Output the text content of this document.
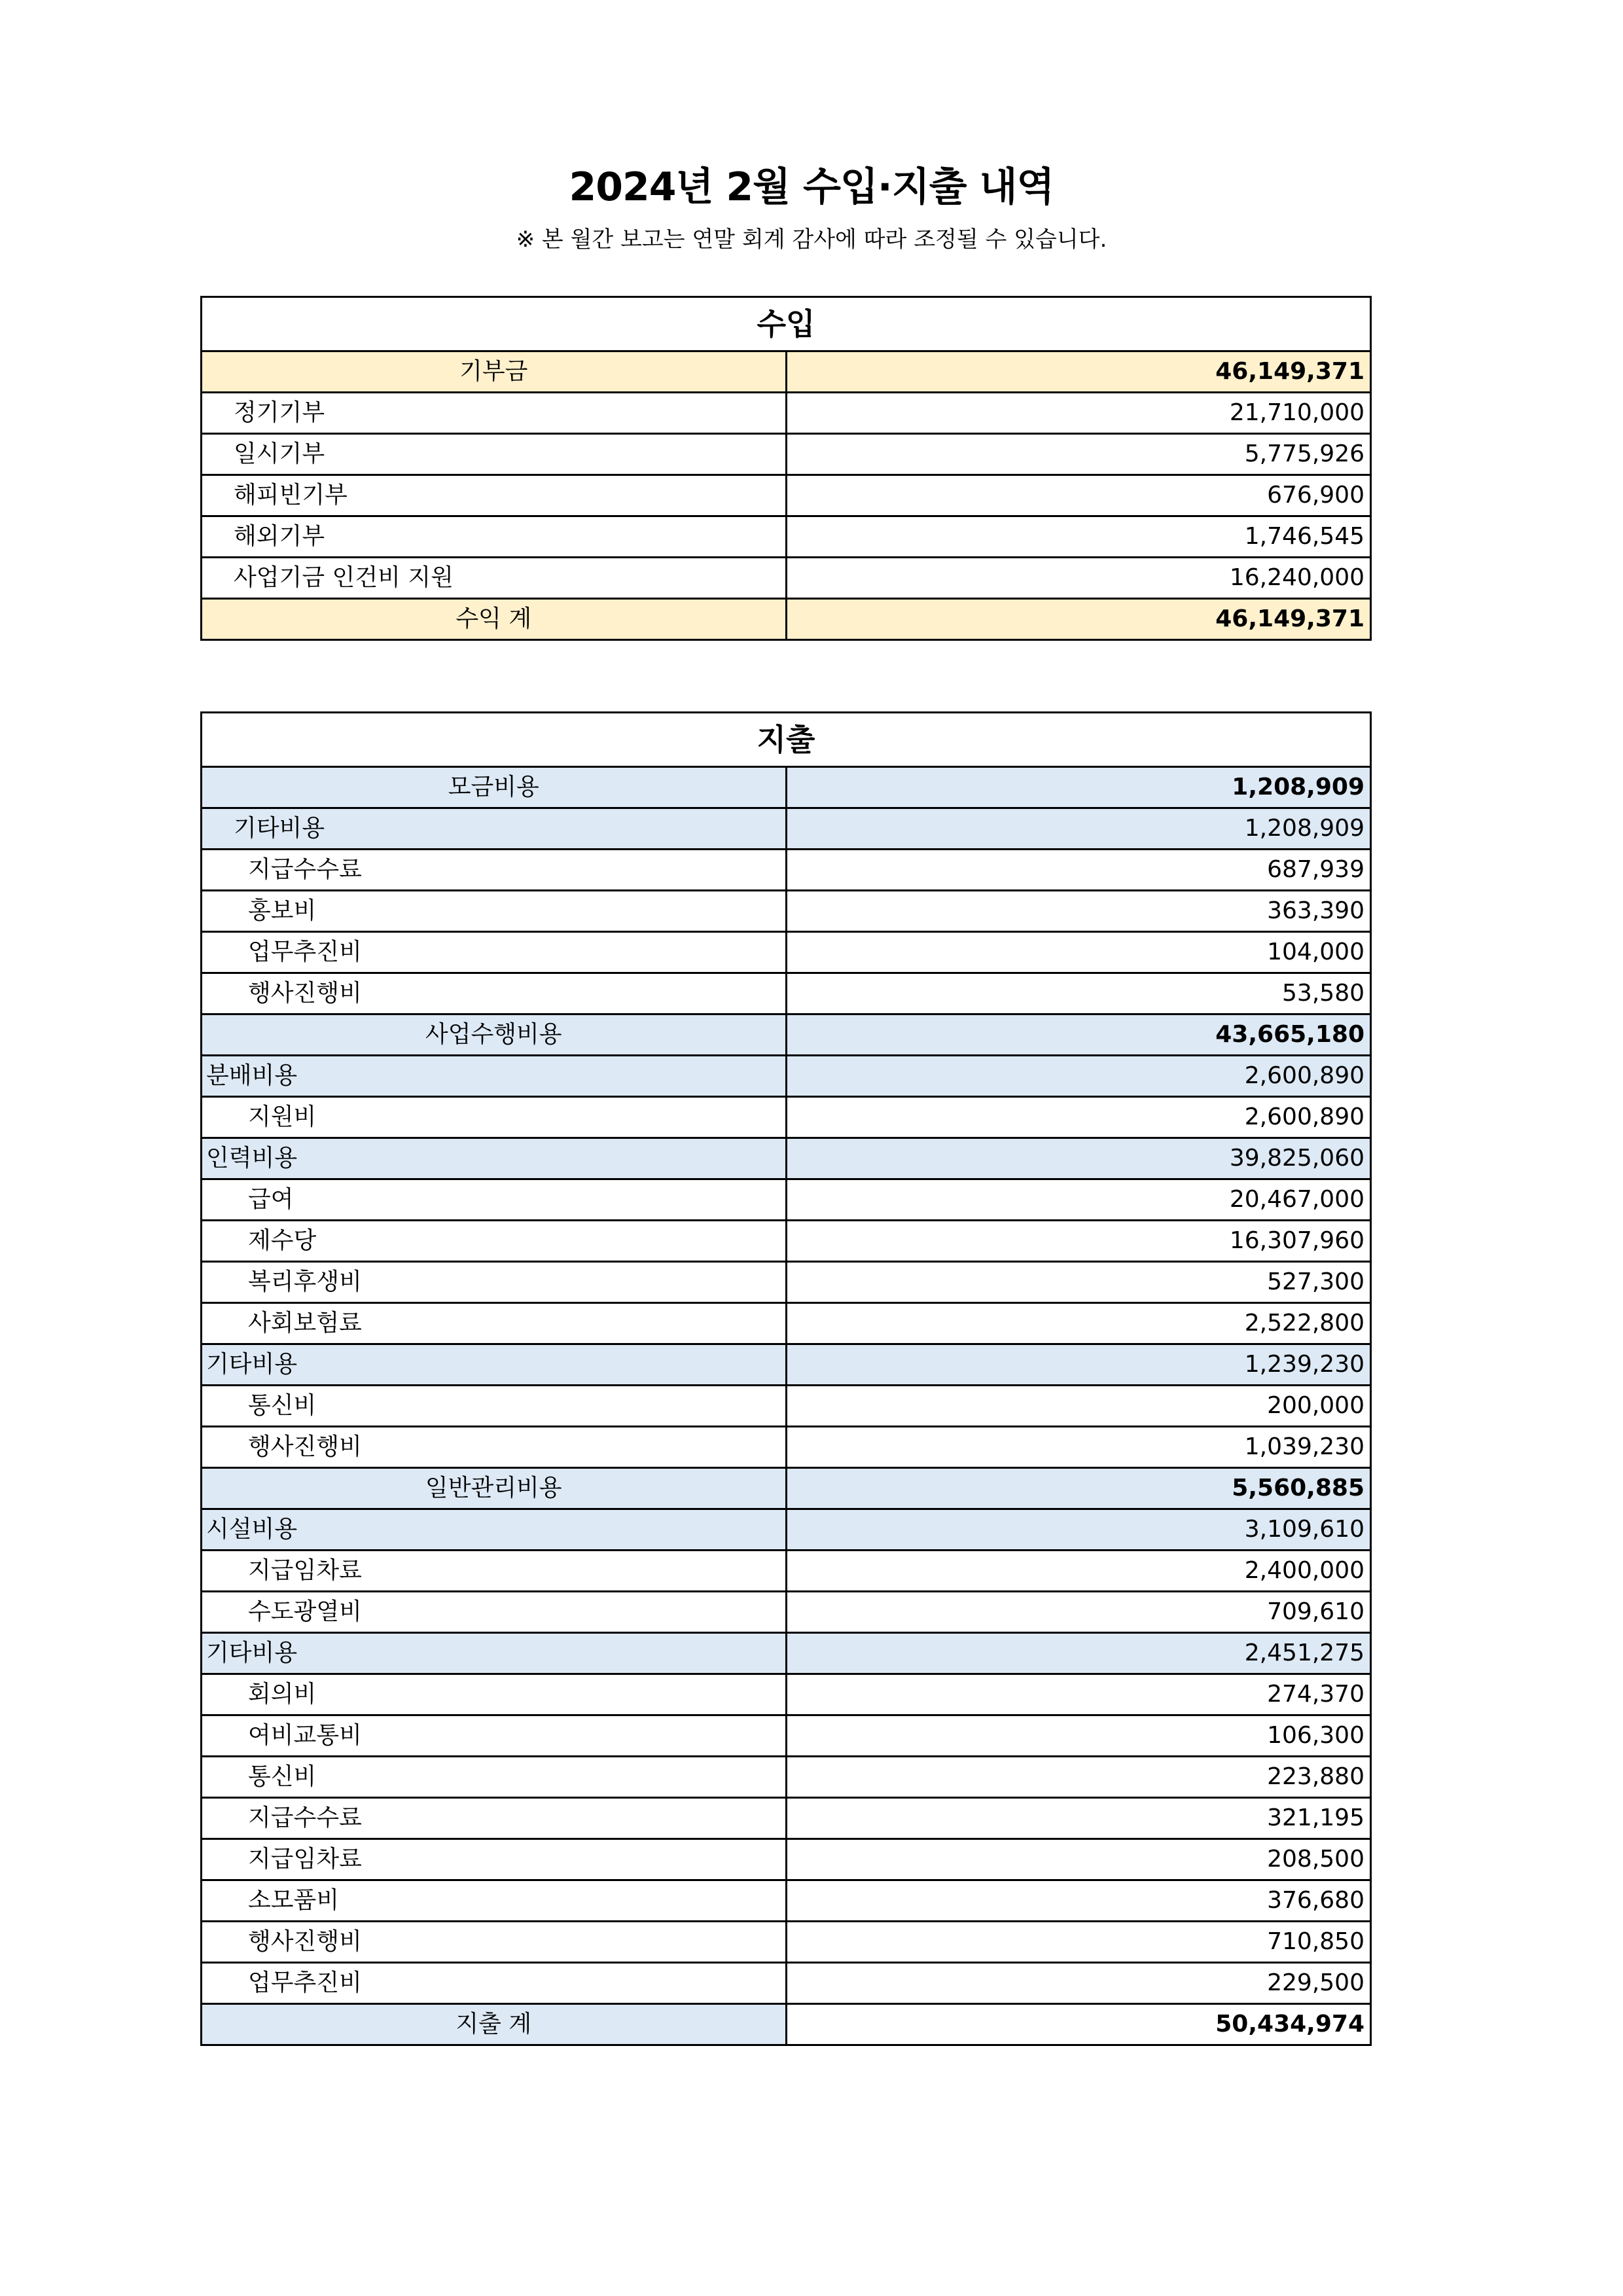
2024년 2월 수입·지출 내역
※ 본 월간 보고는 연말 회계 감사에 따라 조정될 수 있습니다.
수입	
기부금	46,149,371
정기기부	21,710,000
일시기부	5,775,926
해피빈기부	676,900
해외기부	1,746,545
사업기금 인건비 지원	16,240,000
수익 계	46,149,371
지출	
모금비용	1,208,909
기타비용	1,208,909
지급수수료	687,939
홍보비	363,390
업무추진비	104,000
행사진행비	53,580
사업수행비용	43,665,180
분배비용	2,600,890
지원비	2,600,890
인력비용	39,825,060
급여	20,467,000
제수당	16,307,960
복리후생비	527,300
사회보험료	2,522,800
기타비용	1,239,230
통신비	200,000
행사진행비	1,039,230
일반관리비용	5,560,885
시설비용	3,109,610
지급임차료	2,400,000
수도광열비	709,610
기타비용	2,451,275
회의비	274,370
여비교통비	106,300
통신비	223,880
지급수수료	321,195
지급임차료	208,500
소모품비	376,680
행사진행비	710,850
업무추진비	229,500
지출 계	50,434,974
